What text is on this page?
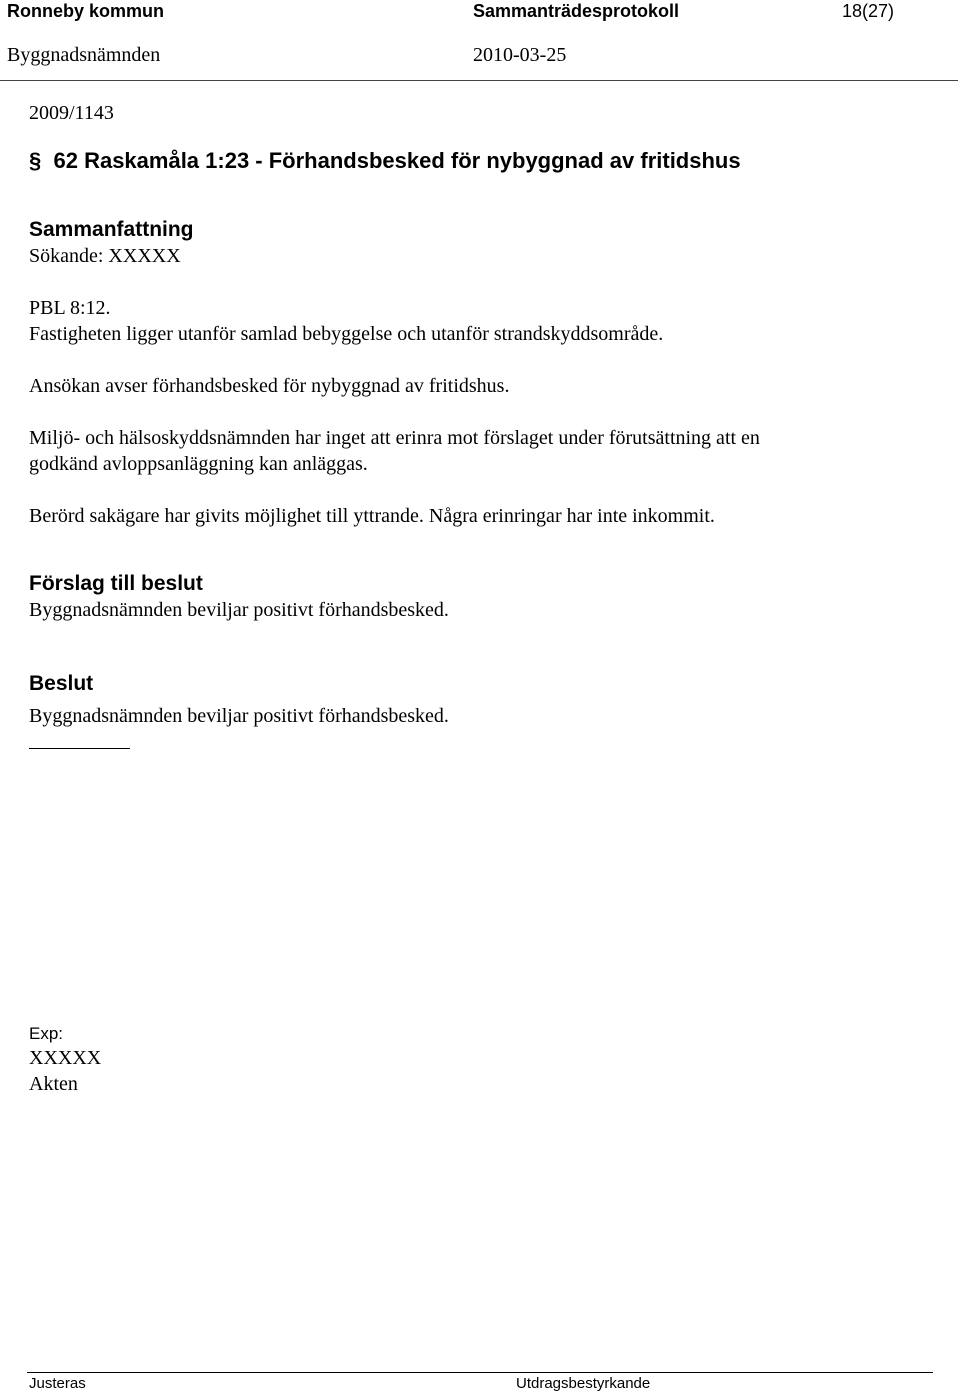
Ronneby kommun	Sammanträdesprotokoll	18(27)
Byggnadsnämnden	2010-03-25
2009/1143
§ 62 Raskamåla 1:23 - Förhandsbesked för nybyggnad av fritidshus
Sammanfattning
Sökande: XXXXX
PBL 8:12.
Fastigheten ligger utanför samlad bebyggelse och utanför strandskyddsområde.
Ansökan avser förhandsbesked för nybyggnad av fritidshus.
Miljö- och hälsoskyddsnämnden har inget att erinra mot förslaget under förutsättning att en
godkänd avloppsanläggning kan anläggas.
Berörd sakägare har givits möjlighet till yttrande. Några erinringar har inte inkommit.
Förslag till beslut
Byggnadsnämnden beviljar positivt förhandsbesked.
Beslut
Byggnadsnämnden beviljar positivt förhandsbesked.
Exp:
XXXXX
Akten
Justeras	Utdragsbestyrkande
